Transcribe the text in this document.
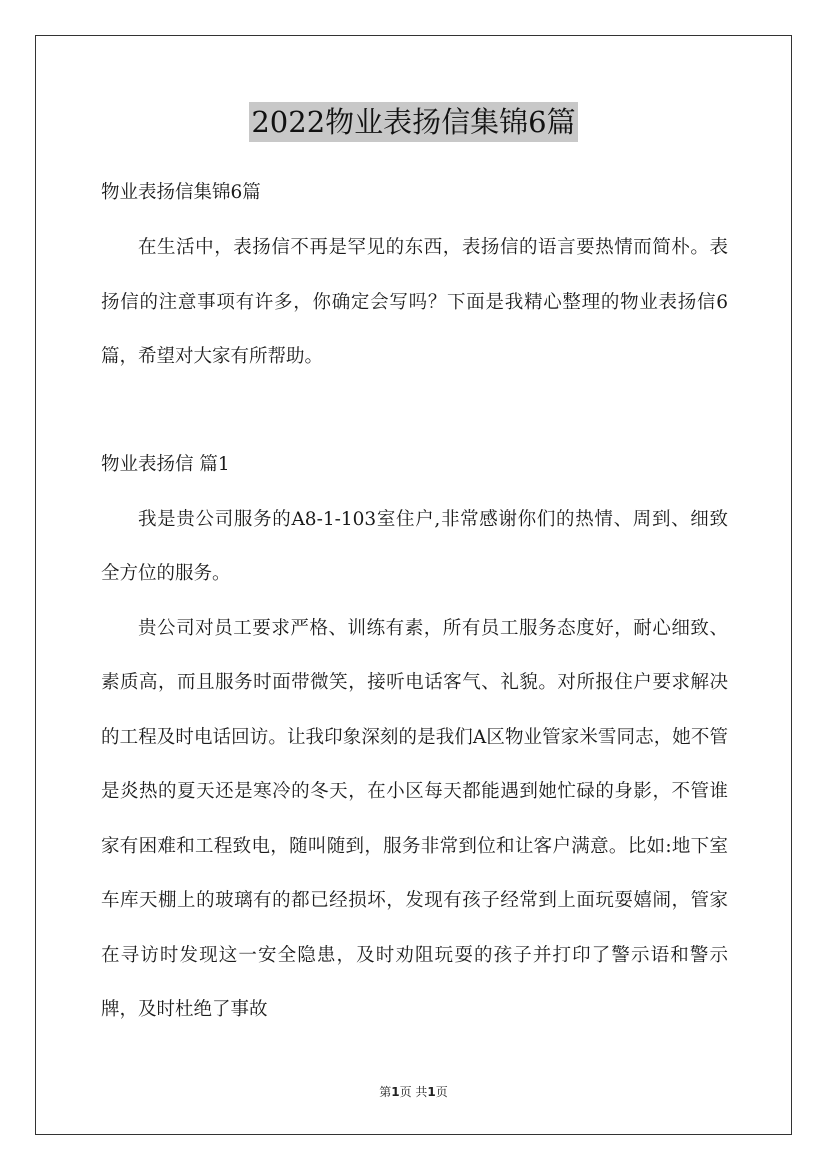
2022物业表扬信集锦6篇

物业表扬信集锦6篇

在生活中，表扬信不再是罕见的东西，表扬信的语言要热情而简朴。表扬信的注意事项有许多，你确定会写吗？下面是我精心整理的物业表扬信6篇，希望对大家有所帮助。

物业表扬信 篇1

我是贵公司服务的A8-1-103室住户,非常感谢你们的热情、周到、细致全方位的服务。

贵公司对员工要求严格、训练有素，所有员工服务态度好，耐心细致、素质高，而且服务时面带微笑，接听电话客气、礼貌。对所报住户要求解决的工程及时电话回访。让我印象深刻的是我们A区物业管家米雪同志，她不管是炎热的夏天还是寒冷的冬天，在小区每天都能遇到她忙碌的身影，不管谁家有困难和工程致电，随叫随到，服务非常到位和让客户满意。比如:地下室车库天棚上的玻璃有的都已经损坏，发现有孩子经常到上面玩耍嬉闹，管家在寻访时发现这一安全隐患，及时劝阻玩耍的孩子并打印了警示语和警示牌，及时杜绝了事故

第1页 共1页
